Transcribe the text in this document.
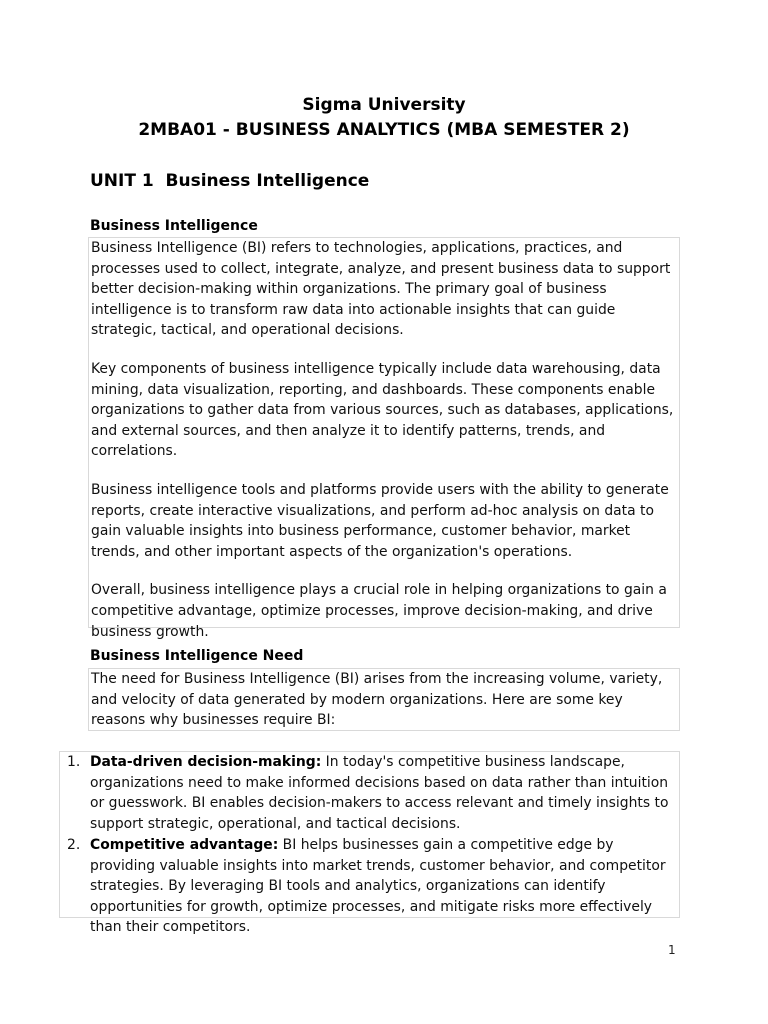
Sigma University
2MBA01 - BUSINESS ANALYTICS (MBA SEMESTER 2)
UNIT 1  Business Intelligence
Business Intelligence

Business Intelligence (BI) refers to technologies, applications, practices, and processes used to collect, integrate, analyze, and present business data to support better decision-making within organizations. The primary goal of business intelligence is to transform raw data into actionable insights that can guide strategic, tactical, and operational decisions.

Key components of business intelligence typically include data warehousing, data mining, data visualization, reporting, and dashboards. These components enable organizations to gather data from various sources, such as databases, applications, and external sources, and then analyze it to identify patterns, trends, and correlations.

Business intelligence tools and platforms provide users with the ability to generate reports, create interactive visualizations, and perform ad-hoc analysis on data to gain valuable insights into business performance, customer behavior, market trends, and other important aspects of the organization's operations.

Overall, business intelligence plays a crucial role in helping organizations to gain a competitive advantage, optimize processes, improve decision-making, and drive business growth.

Business Intelligence Need

The need for Business Intelligence (BI) arises from the increasing volume, variety, and velocity of data generated by modern organizations. Here are some key reasons why businesses require BI:

1. Data-driven decision-making: In today's competitive business landscape, organizations need to make informed decisions based on data rather than intuition or guesswork. BI enables decision-makers to access relevant and timely insights to support strategic, operational, and tactical decisions.
2. Competitive advantage: BI helps businesses gain a competitive edge by providing valuable insights into market trends, customer behavior, and competitor strategies. By leveraging BI tools and analytics, organizations can identify opportunities for growth, optimize processes, and mitigate risks more effectively than their competitors.
1
